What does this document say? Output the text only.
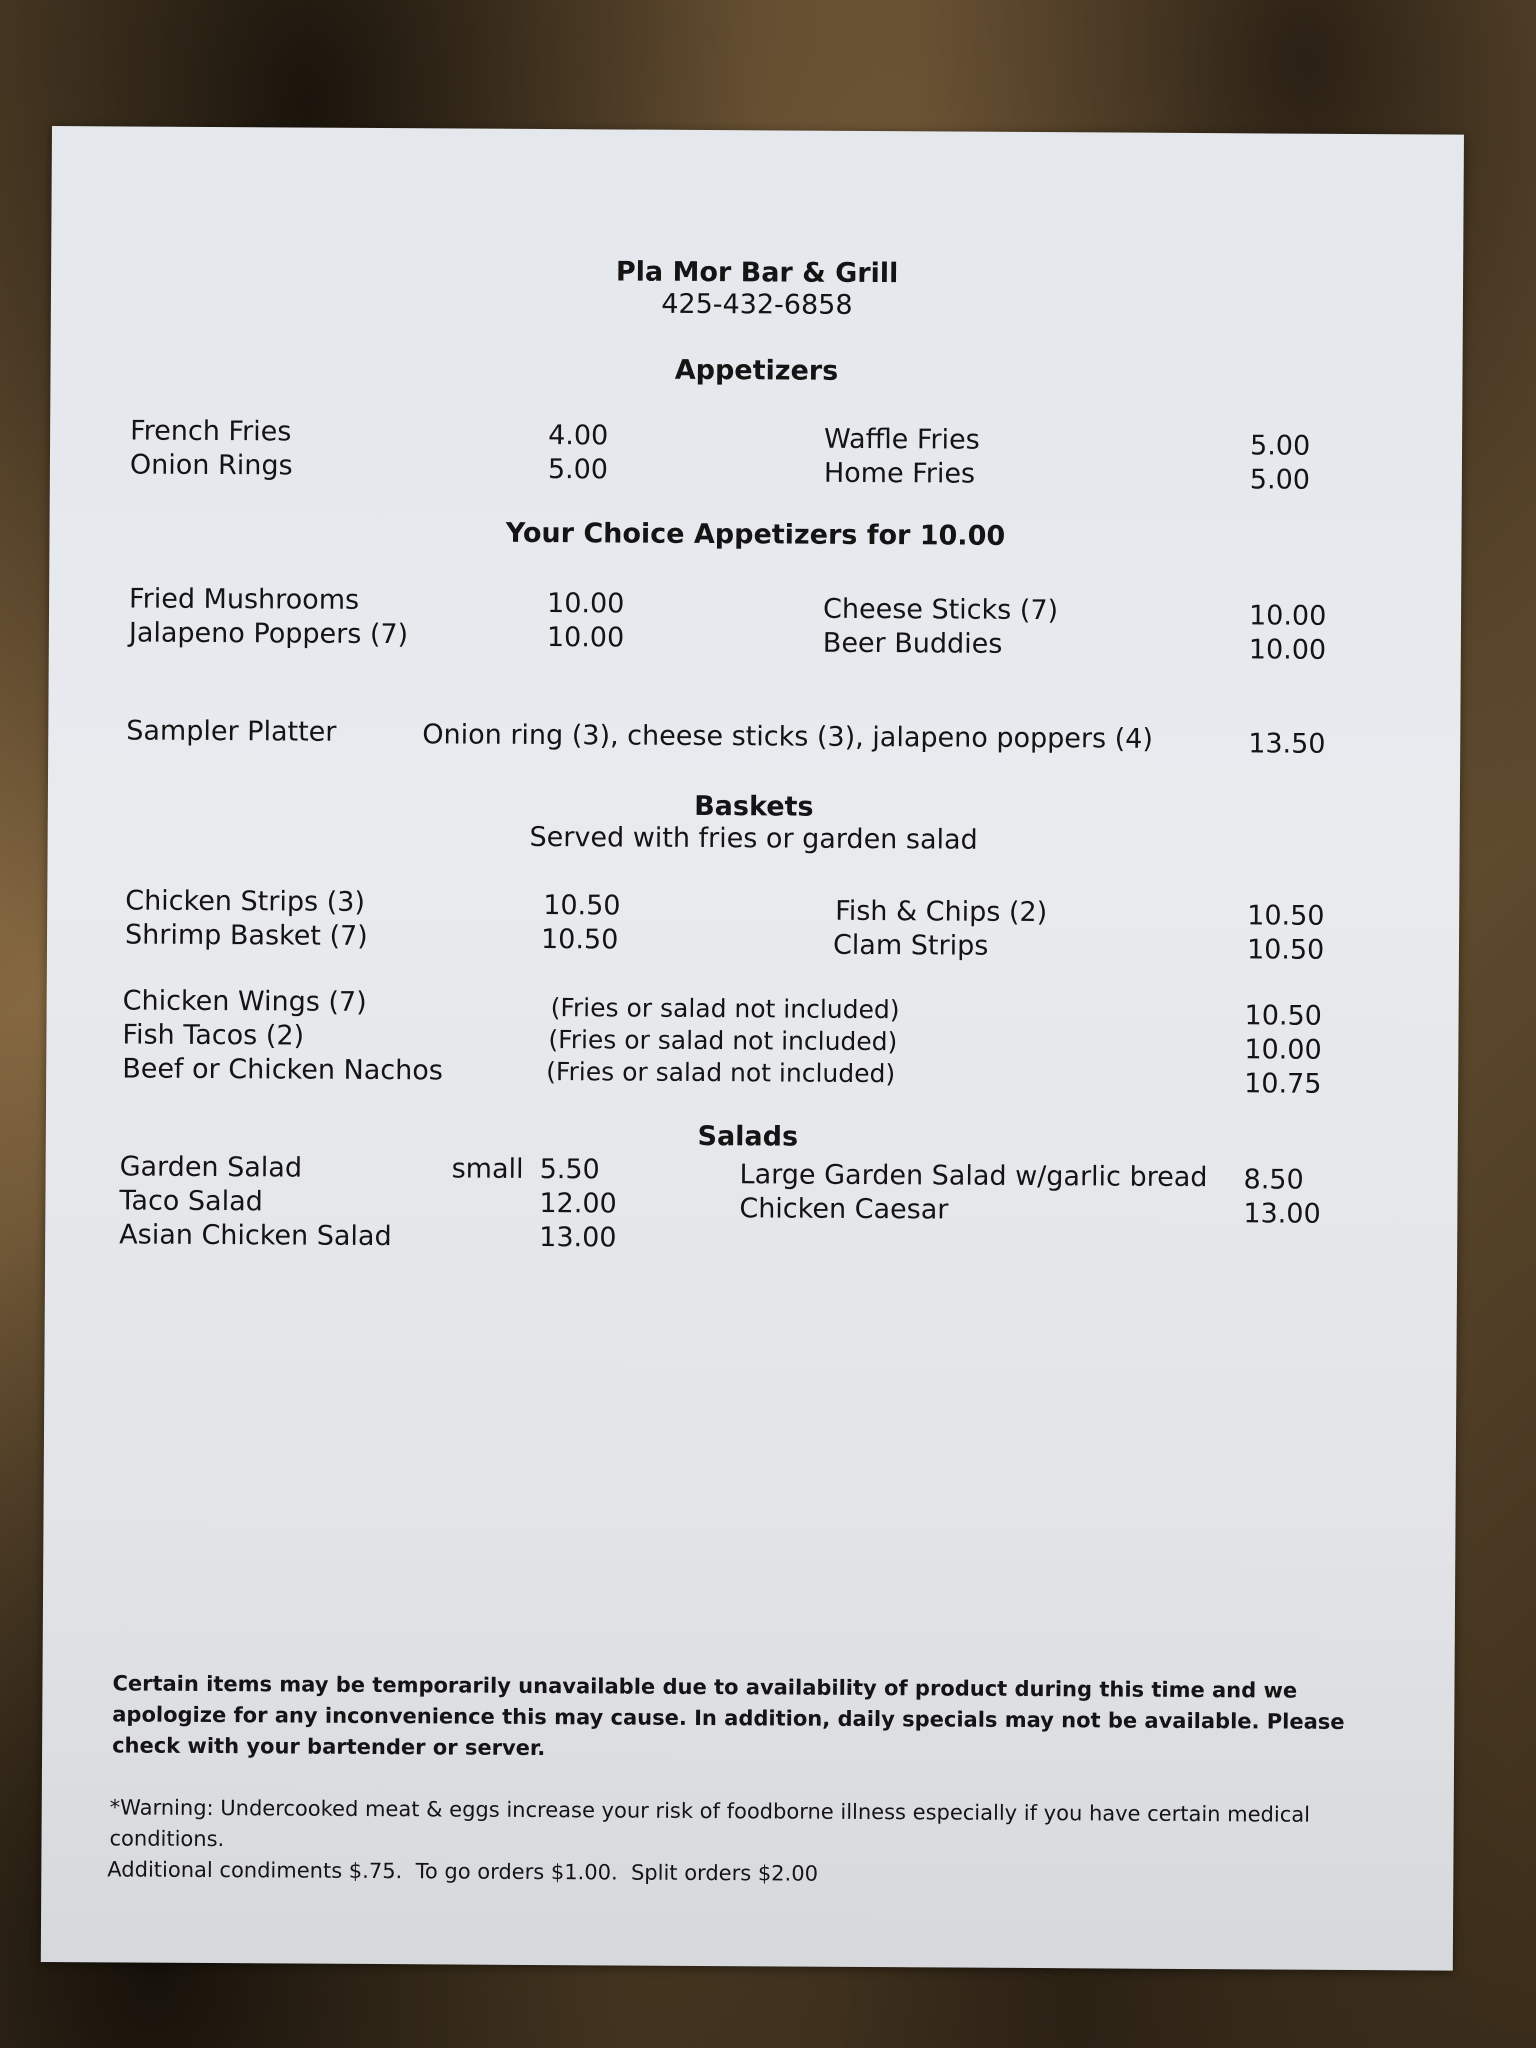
Pla Mor Bar & Grill
425-432-6858
Appetizers
French Fries
Onion Rings
4.00
5.00
Waffle Fries
Home Fries
5.00
5.00
Your Choice Appetizers for 10.00
Fried Mushrooms
Jalapeno Poppers (7)
10.00
10.00
Cheese Sticks (7)
Beer Buddies
10.00
10.00
Sampler Platter	Onion ring (3), cheese sticks (3), jalapeno poppers (4)	13.50
Baskets
Served with fries or garden salad
Chicken Strips (3)
Shrimp Basket (7)
10.50
10.50
Fish & Chips (2)
Clam Strips
10.50
10.50
Chicken Wings (7)
Fish Tacos (2)
Beef or Chicken Nachos
(Fries or salad not included)
(Fries or salad not included)
(Fries or salad not included)
10.50
10.00
10.75
Salads
Garden Salad
Taco Salad
Asian Chicken Salad
small 5.50
12.00
13.00
Large Garden Salad w/garlic bread
Chicken Caesar
8.50
13.00
Certain items may be temporarily unavailable due to availability of product during this time and we apologize for any inconvenience this may cause. In addition, daily specials may not be available. Please check with your bartender or server.
*Warning: Undercooked meat & eggs increase your risk of foodborne illness especially if you have certain medical conditions.
Additional condiments $.75.  To go orders $1.00.  Split orders $2.00
